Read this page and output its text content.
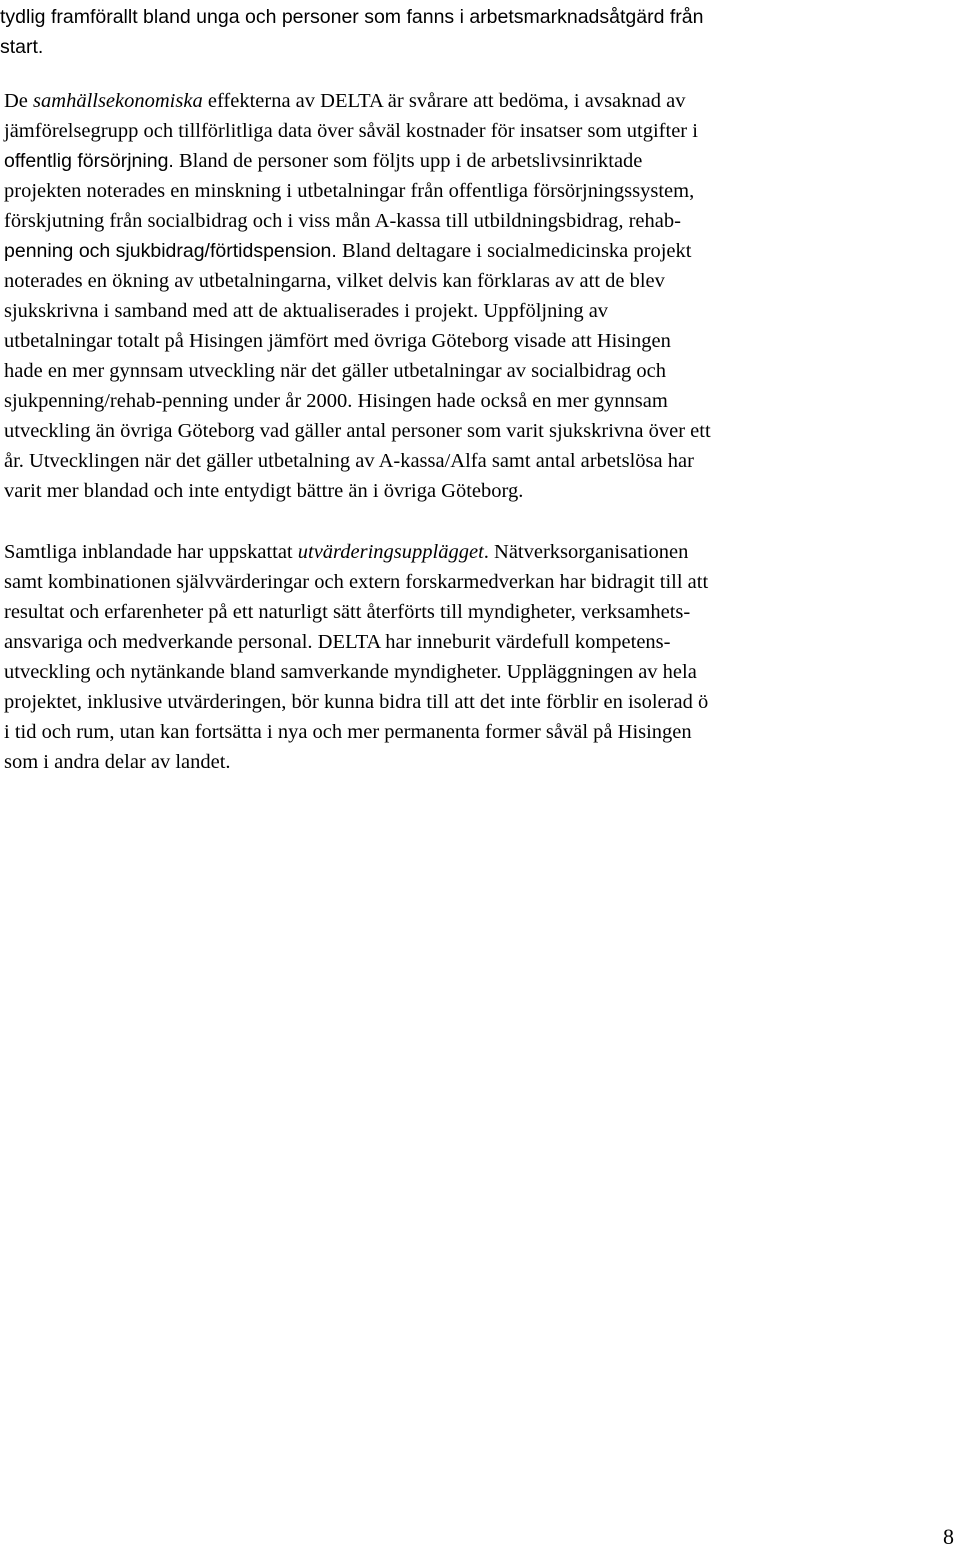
tydlig framförallt bland unga och personer som fanns i arbetsmarknadsåtgärd från
start.
De samhällsekonomiska effekterna av DELTA är svårare att bedöma, i avsaknad av
jämförelsegrupp och tillförlitliga data över såväl kostnader för insatser som utgifter i
offentlig försörjning. Bland de personer som följts upp i de arbetslivsinriktade
projekten noterades en minskning i utbetalningar från offentliga försörjningssystem,
förskjutning från socialbidrag och i viss mån A-kassa till utbildningsbidrag, rehab-
penning och sjukbidrag/förtidspension. Bland deltagare i socialmedicinska projekt
noterades en ökning av utbetalningarna, vilket delvis kan förklaras av att de blev
sjukskrivna i samband med att de aktualiserades i projekt. Uppföljning av
utbetalningar totalt på Hisingen jämfört med övriga Göteborg visade att Hisingen
hade en mer gynnsam utveckling när det gäller utbetalningar av socialbidrag och
sjukpenning/rehab-penning under år 2000. Hisingen hade också en mer gynnsam
utveckling än övriga Göteborg vad gäller antal personer som varit sjukskrivna över ett
år. Utvecklingen när det gäller utbetalning av A-kassa/Alfa samt antal arbetslösa har
varit mer blandad och inte entydigt bättre än i övriga Göteborg.
Samtliga inblandade har uppskattat utvärderingsupplägget. Nätverksorganisationen
samt kombinationen självvärderingar och extern forskarmedverkan har bidragit till att
resultat och erfarenheter på ett naturligt sätt återförts till myndigheter, verksamhets-
ansvariga och medverkande personal. DELTA har inneburit värdefull kompetens-
utveckling och nytänkande bland samverkande myndigheter. Uppläggningen av hela
projektet, inklusive utvärderingen, bör kunna bidra till att det inte förblir en isolerad ö
i tid och rum, utan kan fortsätta i nya och mer permanenta former såväl på Hisingen
som i andra delar av landet.
8
